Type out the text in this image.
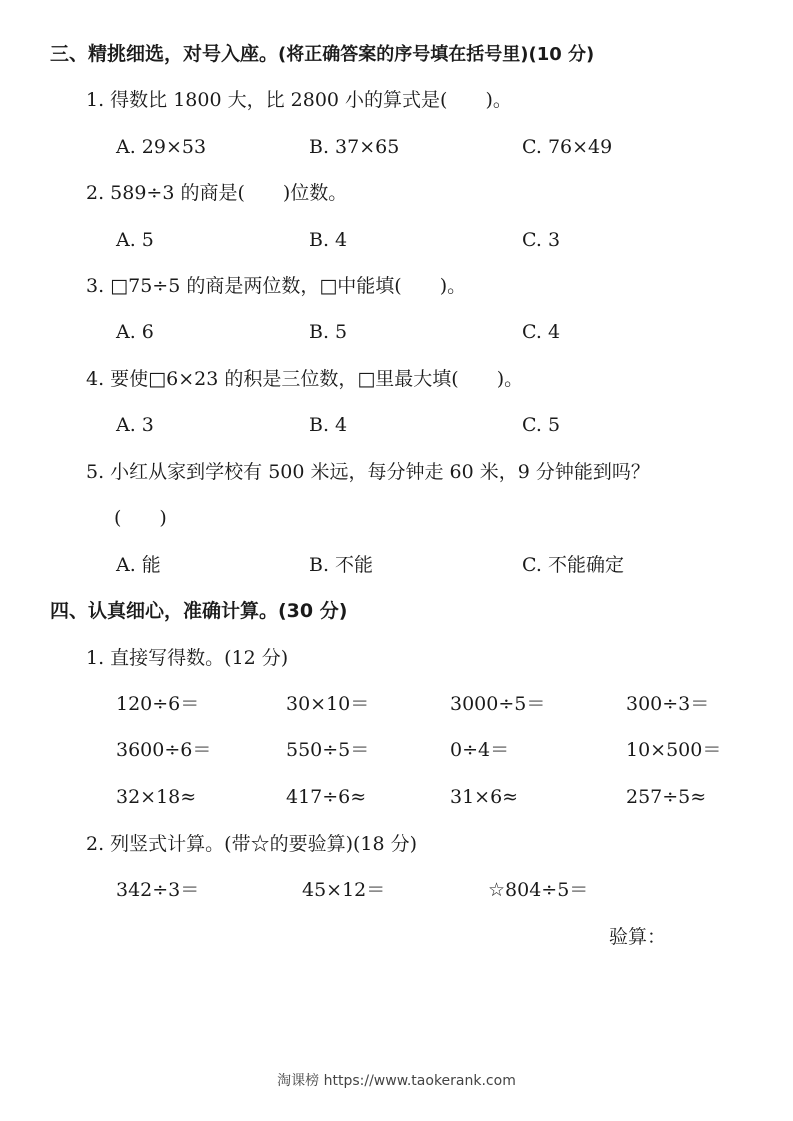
三、精挑细选，对号入座。(将正确答案的序号填在括号里)(10 分)
1. 得数比 1800 大，比 2800 小的算式是(　　)。
A. 29×53	B. 37×65	C. 76×49
2. 589÷3 的商是(　　)位数。
A. 5	B. 4	C. 3
3. □75÷5 的商是两位数，□中能填(　　)。
A. 6	B. 5	C. 4
4. 要使□6×23 的积是三位数，□里最大填(　　)。
A. 3	B. 4	C. 5
5. 小红从家到学校有 500 米远，每分钟走 60 米，9 分钟能到吗？
(　　)
A. 能	B. 不能	C. 不能确定
四、认真细心，准确计算。(30 分)
1. 直接写得数。(12 分)
120÷6＝	30×10＝	3000÷5＝	300÷3＝
3600÷6＝	550÷5＝	0÷4＝	10×500＝
32×18≈	417÷6≈	31×6≈	257÷5≈
2. 列竖式计算。(带☆的要验算)(18 分)
342÷3＝	45×12＝	☆804÷5＝
验算：
淘课榜 https://www.taokerank.com
